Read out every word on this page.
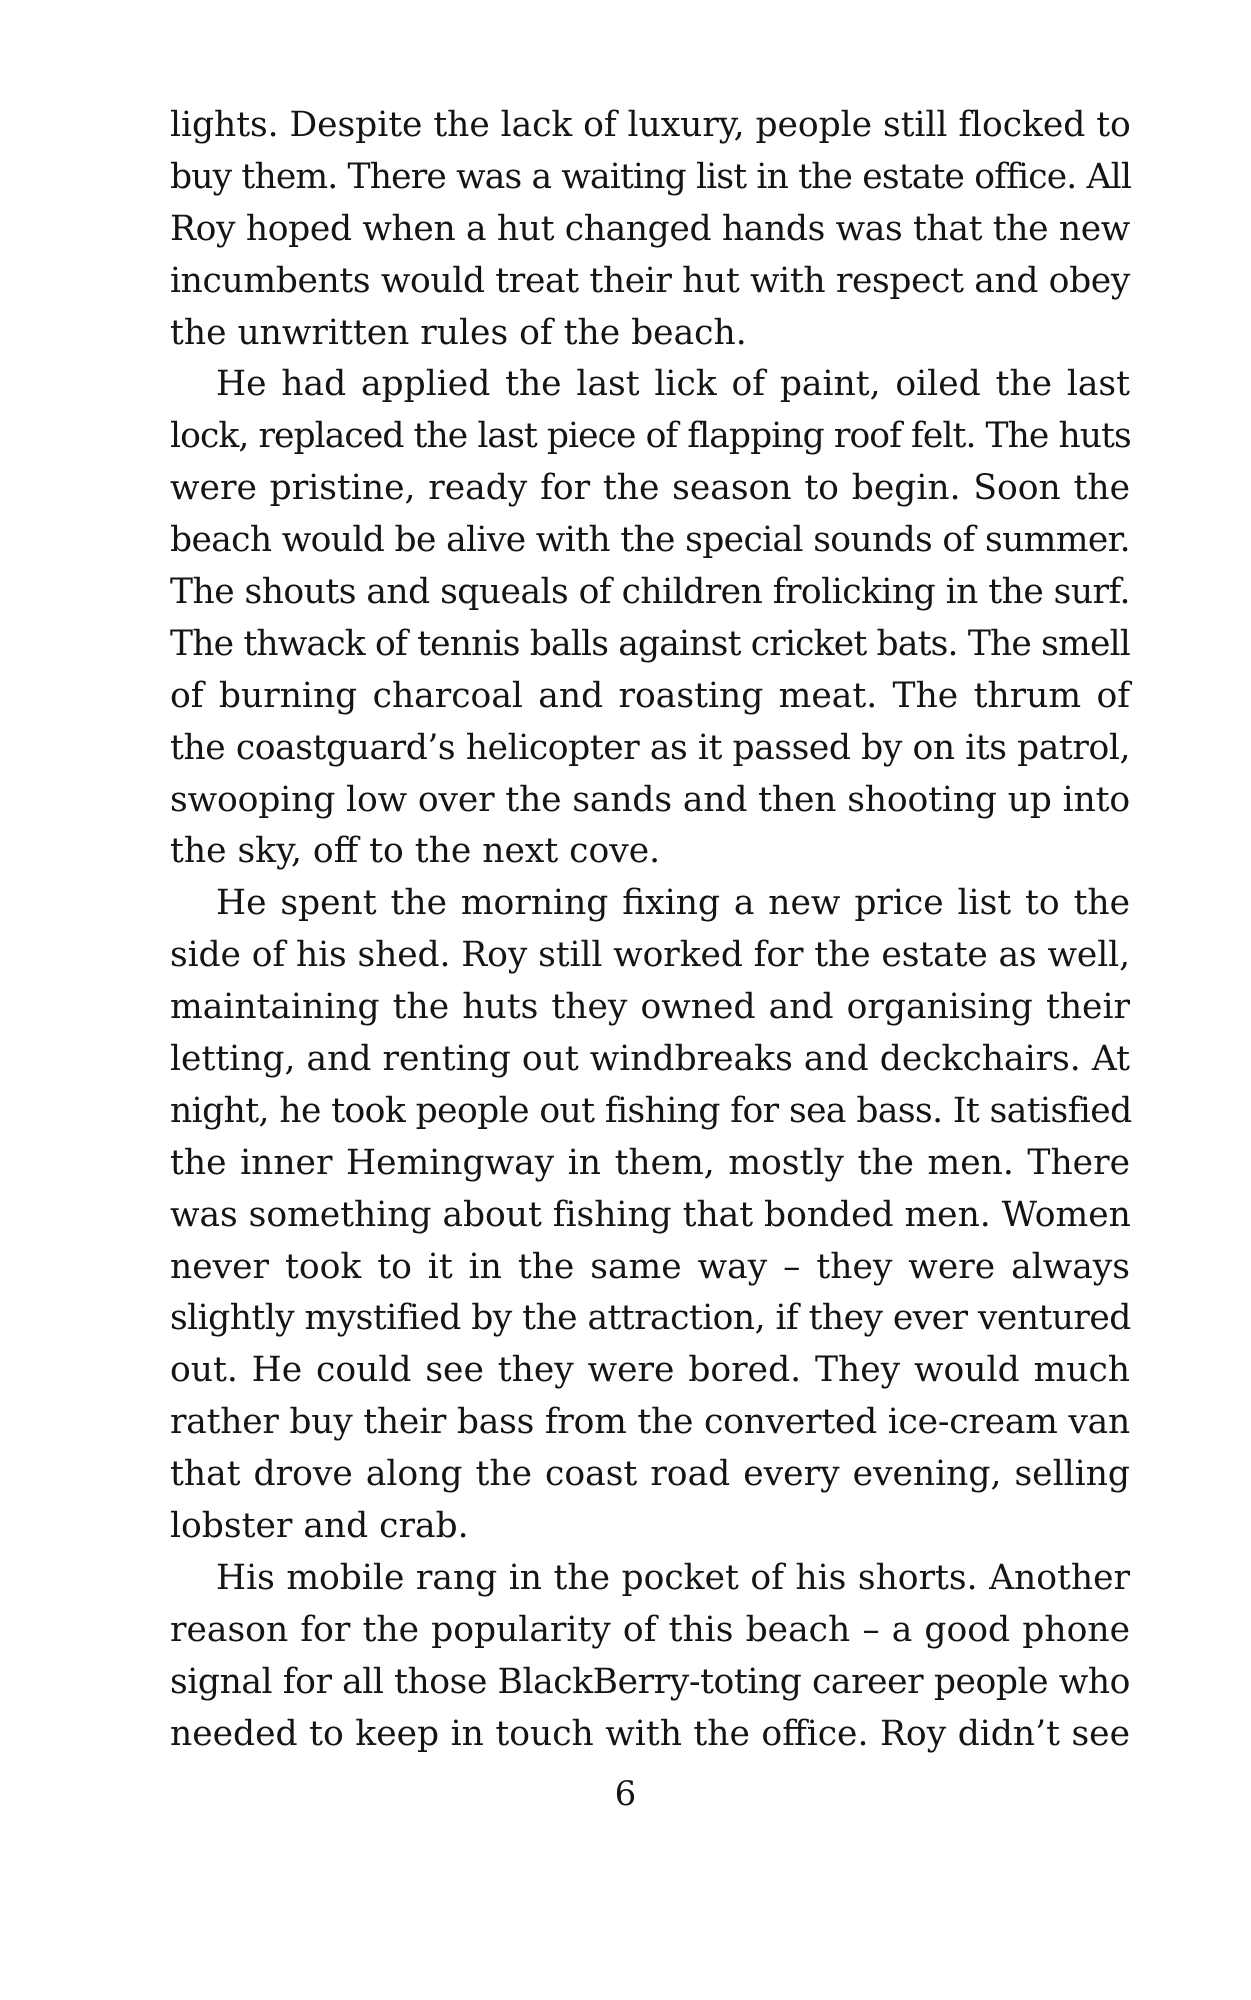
lights. Despite the lack of luxury, people still flocked to
buy them. There was a waiting list in the estate office. All
Roy hoped when a hut changed hands was that the new
incumbents would treat their hut with respect and obey
the unwritten rules of the beach.
He had applied the last lick of paint, oiled the last
lock, replaced the last piece of flapping roof felt. The huts
were pristine, ready for the season to begin. Soon the
beach would be alive with the special sounds of summer.
The shouts and squeals of children frolicking in the surf.
The thwack of tennis balls against cricket bats. The smell
of burning charcoal and roasting meat. The thrum of
the coastguard’s helicopter as it passed by on its patrol,
swooping low over the sands and then shooting up into
the sky, off to the next cove.
He spent the morning fixing a new price list to the
side of his shed. Roy still worked for the estate as well,
maintaining the huts they owned and organising their
letting, and renting out windbreaks and deckchairs. At
night, he took people out fishing for sea bass. It satisfied
the inner Hemingway in them, mostly the men. There
was something about fishing that bonded men. Women
never took to it in the same way – they were always
slightly mystified by the attraction, if they ever ventured
out. He could see they were bored. They would much
rather buy their bass from the converted ice-cream van
that drove along the coast road every evening, selling
lobster and crab.
His mobile rang in the pocket of his shorts. Another
reason for the popularity of this beach – a good phone
signal for all those BlackBerry-toting career people who
needed to keep in touch with the office. Roy didn’t see
6
